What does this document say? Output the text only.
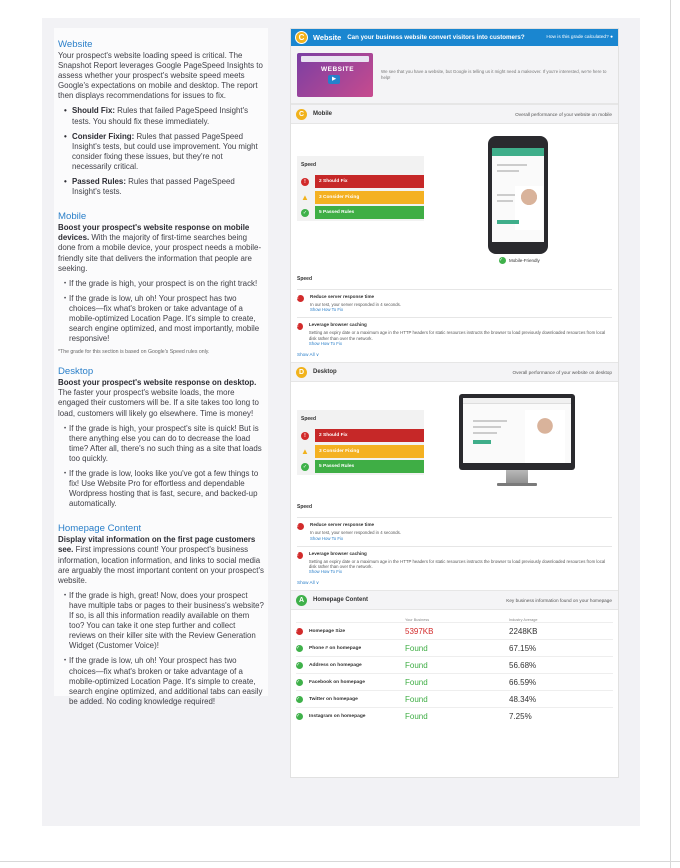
Website

Your prospect's website loading speed is critical. The Snapshot Report leverages Google PageSpeed Insights to assess whether your prospect's website speed meets Google's expectations on mobile and desktop. The report then displays recommendations for issues to fix.

• Should Fix: Rules that failed PageSpeed Insight's tests. You should fix these immediately.
• Consider Fixing: Rules that passed PageSpeed Insight's tests, but could use improvement. You might consider fixing these issues, but they're not necessarily critical.
• Passed Rules: Rules that passed PageSpeed Insight's tests.
Mobile

Boost your prospect's website response on mobile devices. With the majority of first-time searches being done from a mobile device, your prospect needs a mobile-friendly site that delivers the information that people are seeking.

• If the grade is high, your prospect is on the right track!
• If the grade is low, uh oh! Your prospect has two choices—fix what's broken or take advantage of a mobile-optimized Location Page. It's simple to create, search engine optimized, and most importantly, mobile responsive!
*The grade for this section is based on Google's Speed rules only.
Desktop

Boost your prospect's website response on desktop. The faster your prospect's website loads, the more engaged their customers will be. If a site takes too long to load, customers will likely go elsewhere. Time is money!

• If the grade is high, your prospect's site is quick! But is there anything else you can do to decrease the load time? After all, there's no such thing as a site that loads too quickly.
• If the grade is low, looks like you've got a few things to fix! Use Website Pro for effortless and dependable Wordpress hosting that is fast, secure, and backed-up automatically.
Homepage Content

Display vital information on the first page customers see. First impressions count! Your prospect's business information, location information, and links to social media are arguably the most important content on your prospect's website.

• If the grade is high, great! Now, does your prospect have multiple tabs or pages to their business's website? If so, is all this information readily available on them too? You can take it one step further and collect reviews on their killer site with the Review Generation Widget (Customer Voice)!
• If the grade is low, uh oh! Your prospect has two choices—fix what's broken or take advantage of a mobile-optimized Location Page. It's simple to create, search engine optimized, and additional tabs can easily be added. No coding knowledge required!
C	Website Can your business website convert visitors into customers?	How is this grade calculated? ●
WEBSITE
▶
We see that you have a website, but Google is telling us it might need a makeover. If you're interested, we're here to help!
C	Mobile	Overall performance of your website on mobile
Speed
!	2 Should Fix
▲	3 Consider Fixing
✓	5 Passed Rules
✓	Mobile-Friendly
Speed
!	Reduce server response time
In our test, your server responded in 4 seconds.
Show How To Fix
!	Leverage browser caching
Setting an expiry date or a maximum age in the HTTP headers for static resources instructs the browser to load previously downloaded resources from local disk rather than over the network.
Show How To Fix
Show All ∨
D	Desktop	Overall performance of your website on desktop
Speed
!	2 Should Fix
▲	3 Consider Fixing
✓	5 Passed Rules
Speed
!	Reduce server response time
In our test, your server responded in 4 seconds.
Show How To Fix
!	Leverage browser caching
Setting an expiry date or a maximum age in the HTTP headers for static resources instructs the browser to load previously downloaded resources from local disk rather than over the network.
Show How To Fix
Show All ∨
A	Homepage Content	Key business information found on your homepage
Your Business	Industry Average
!	Homepage Size	5397KB	2248KB
✓	Phone # on homepage	Found	67.15%
✓	Address on homepage	Found	56.68%
✓	Facebook on homepage	Found	66.59%
✓	Twitter on homepage	Found	48.34%
✓	Instagram on homepage	Found	7.25%
